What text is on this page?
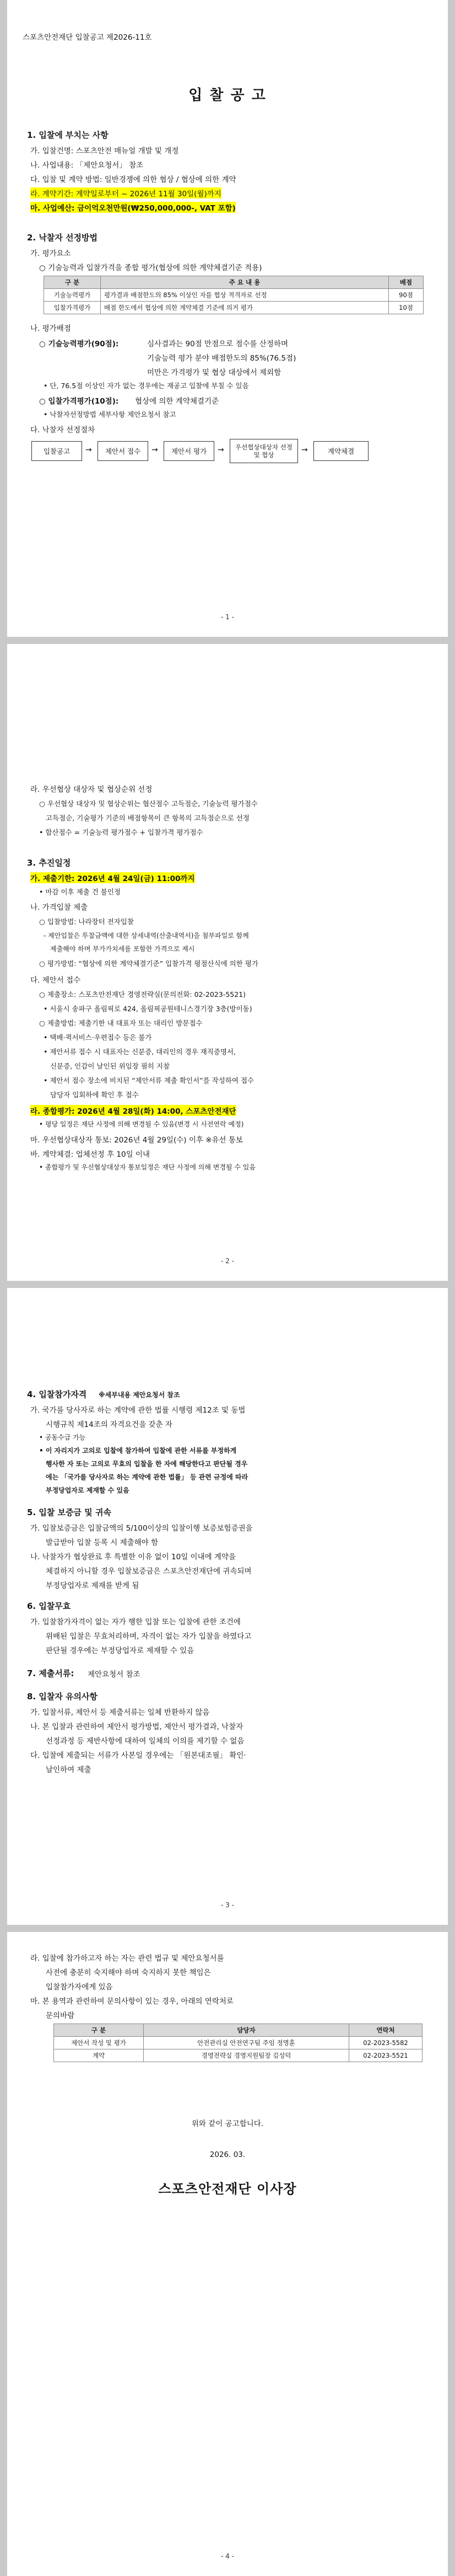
스포츠안전재단 입찰공고 제2026-11호
입 찰 공 고
1. 입찰에 부치는 사항
가. 입찰건명: 스포츠안전 매뉴얼 개발 및 개정
나. 사업내용: 「제안요청서」 참조
다. 입찰 및 계약 방법: 일반경쟁에 의한 협상 / 협상에 의한 계약
라. 계약기간: 계약일로부터 ~ 2026년 11월 30일(월)까지
마. 사업예산: 금이억오천만원(₩250,000,000-, VAT 포함)
2. 낙찰자 선정방법
가. 평가요소
○ 기술능력과 입찰가격을 종합 평가(협상에 의한 계약체결기준 적용)
구 분	주 요 내 용	배점
기술능력평가	평가결과 배점한도의 85% 이상인 자를 협상 적격자로 선정	90점
입찰가격평가	배점 한도에서 협상에 의한 계약체결 기준에 의거 평가	10점
나. 평가배점
○ 기술능력평가(90점):	심사결과는 90점 만점으로 점수를 산정하며
기술능력 평가 분야 배점한도의 85%(76.5점)
미만은 가격평가 및 협상 대상에서 제외함
• 단, 76.5점 이상인 자가 없는 경우에는 재공고 입찰에 부칠 수 있음
○ 입찰가격평가(10점): 협상에 의한 계약체결기준
• 낙찰자선정방법 세부사항 제안요청서 참고
다. 낙찰자 선정절차
입찰공고	→	제안서 접수	→	제안서 평가	→	우선협상대상자 선정 및 협상
→	계약체결
- 1 -
라. 우선협상 대상자 및 협상순위 선정
○ 우선협상 대상자 및 협상순위는 협산점수 고득점순, 기술능력 평가점수
고득점순, 기술평가 기준의 배점항목이 큰 항목의 고득점순으로 선정
• 합산점수 = 기술능력 평가점수 + 입찰가격 평가점수
3. 추진일정
가. 제출기한: 2026년 4월 24일(금) 11:00까지
• 마감 이후 제출 건 불인정
나. 가격입찰 제출
○ 입찰방법: 나라장터 전자입찰
- 제안입찰은 투찰금액에 대한 상세내역(산출내역서)을 첨부파일로 함께
제출해야 하며 부가가치세를 포함한 가격으로 제시
○ 평가방법: “협상에 의한 계약체결기준” 입찰가격 평점산식에 의한 평가
다. 제안서 접수
○ 제출장소: 스포츠안전재단 경영전략실(문의전화: 02-2023-5521)
• 서울시 송파구 올림픽로 424, 올림픽공원테니스경기장 3층(방이동)
○ 제출방법: 제출기한 내 대표자 또는 대리인 방문접수
• 택배·퀵서비스·우편접수 등은 불가
• 제안서류 접수 시 대표자는 신분증, 대리인의 경우 재직증명서,
신분증, 인감이 날인된 위임장 필히 지참
• 제안서 접수 장소에 비치된 “제안서류 제출 확인서”를 작성하여 접수
담당자 입회하에 확인 후 접수
라. 종합평가: 2026년 4월 28일(화) 14:00, 스포츠안전재단
• 평당 일정은 재단 사정에 의해 변경될 수 있음(변경 시 사전연락 예정)
마. 우선협상대상자 통보: 2026년 4월 29일(수) 이후 ※유선 통보
바. 계약체결: 업체선정 후 10일 이내
• 종합평가 및 우선협상대상자 통보일정은 재단 사정에 의해 변경될 수 있음
- 2 -
4. 입찰참가자격 ※세부내용 제안요청서 참조
가. 국가를 당사자로 하는 계약에 관한 법률 시행령 제12조 및 동법
시행규칙 제14조의 자격요건을 갖춘 자
• 공동수급 가능
• 이 자리지가 고의로 입찰에 참가하여 입찰에 관한 서류를 부정하게
행사한 자 또는 고의로 무효의 입찰을 한 자에 해당한다고 판단될 경우
에는 「국가를 당사자로 하는 계약에 관한 법률」 등 관련 규정에 따라
부정당업자로 제재할 수 있음
5. 입찰 보증금 및 귀속
가. 입찰보증금은 입찰금액의 5/100이상의 입찰이행 보증보험증권을
발급받아 입찰 등록 시 제출해야 함
나. 낙찰자가 협상완료 후 특별한 이유 없이 10일 이내에 계약을
체결하지 아니할 경우 입찰보증금은 스포츠안전재단에 귀속되며
부정당업자로 제재를 받게 됨
6. 입찰무효
가. 입찰참가자격이 없는 자가 행한 입찰 또는 입찰에 관한 조건에
위배된 입찰은 무효처리하며, 자격이 없는 자가 입찰을 하였다고
판단될 경우에는 부정당업자로 제재할 수 있음
7. 제출서류: 제안요청서 참조
8. 입찰자 유의사항
가. 입찰서류, 제안서 등 제출서류는 일체 반환하지 않음
나. 본 입찰과 관련하여 제안서 평가방법, 제안서 평가결과, 낙찰자
선정과정 등 제반사항에 대하여 일체의 이의를 제기할 수 없음
다. 입찰에 제출되는 서류가 사본일 경우에는 「원본대조필」 확인·
날인하여 제출
- 3 -
라. 입찰에 참가하고자 하는 자는 관련 법규 및 제안요청서를
사전에 충분히 숙지해야 하며 숙지하지 못한 책임은
입찰참가자에게 있음
마. 본 용역과 관련하여 문의사항이 있는 경우, 아래의 연락처로
문의바람
구 분	담당자	연락처
제안서 작성 및 평가	안전관리실 안전연구팀 주임 정명훈	02-2023-5582
계약	경영전략실 경영지원팀장 김성덕	02-2023-5521
위와 같이 공고합니다.
2026. 03.
스포츠안전재단 이사장
- 4 -
